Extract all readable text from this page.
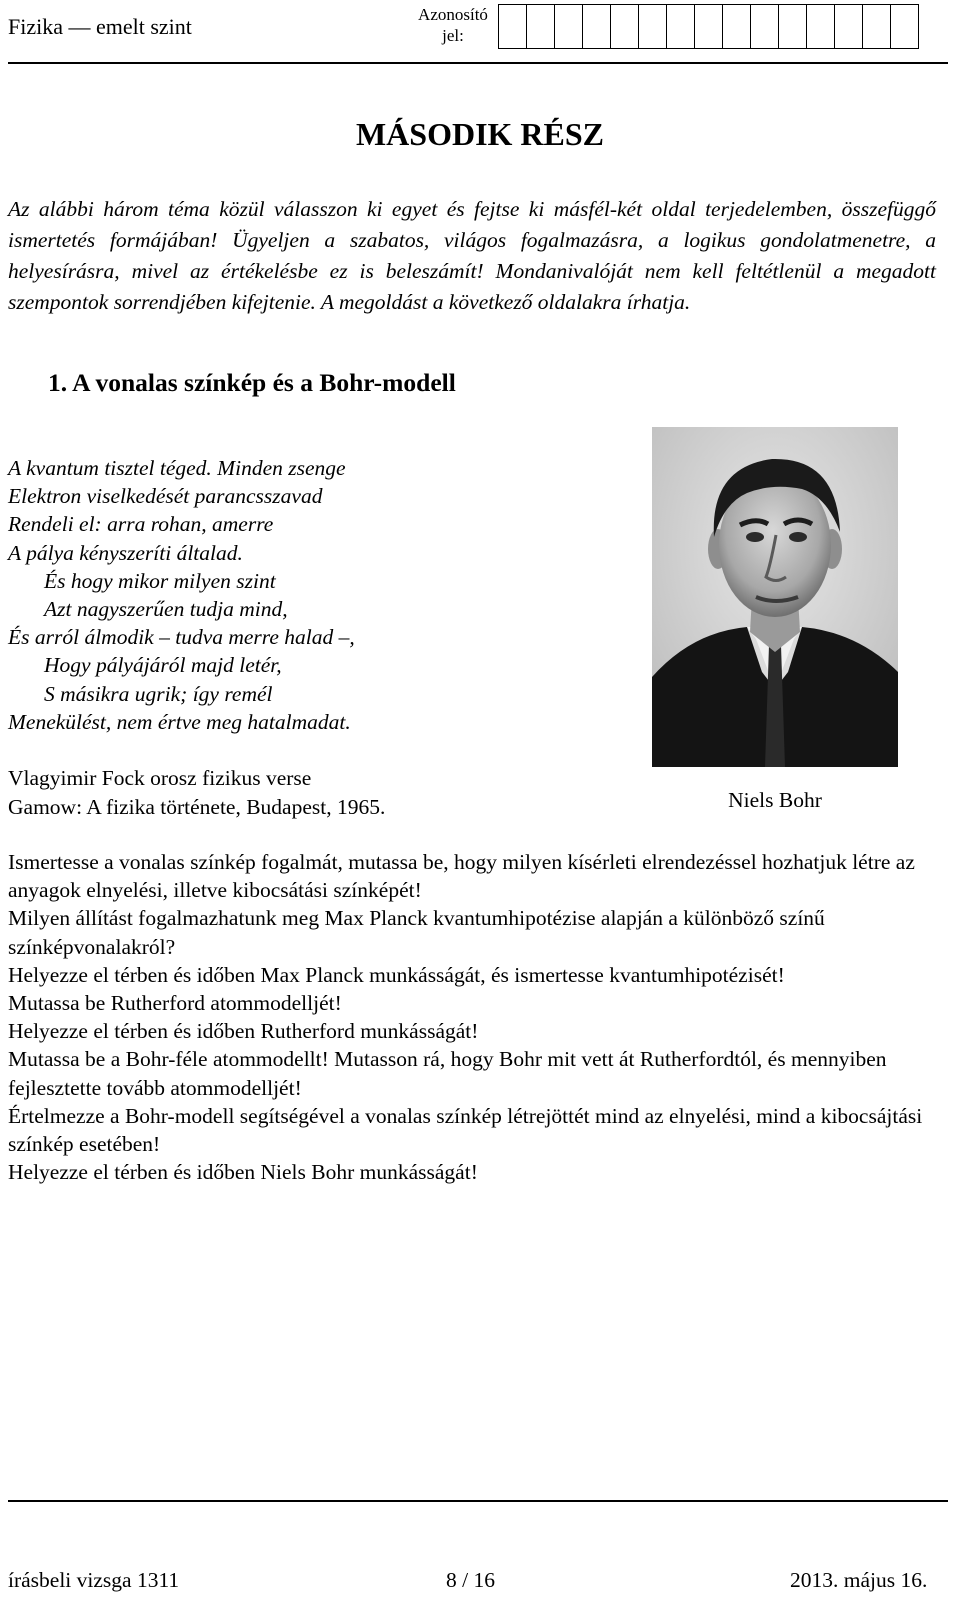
Fizika — emelt szint	Azonosító
jel:
MÁSODIK RÉSZ
Az alábbi három téma közül válasszon ki egyet és fejtse ki másfél-két oldal terjedelemben, összefüggő ismertetés formájában! Ügyeljen a szabatos, világos fogalmazásra, a logikus gondolatmenetre, a helyesírásra, mivel az értékelésbe ez is beleszámít! Mondanivalóját nem kell feltétlenül a megadott szempontok sorrendjében kifejtenie. A megoldást a következő oldalakra írhatja.
1. A vonalas színkép és a Bohr-modell
A kvantum tisztel téged. Minden zsenge
Elektron viselkedését parancsszavad
Rendeli el: arra rohan, amerre
A pálya kényszeríti általad.
És hogy mikor milyen szint
Azt nagyszerűen tudja mind,
És arról álmodik – tudva merre halad –,
Hogy pályájáról majd letér,
S másikra ugrik; így remél
Menekülést, nem értve meg hatalmadat.
Vlagyimir Fock orosz fizikus verse
Gamow: A fizika története, Budapest, 1965.	Niels Bohr
Ismertesse a vonalas színkép fogalmát, mutassa be, hogy milyen kísérleti elrendezéssel hozhatjuk létre az anyagok elnyelési, illetve kibocsátási színképét!
Milyen állítást fogalmazhatunk meg Max Planck kvantumhipotézise alapján a különböző színű színképvonalakról?
Helyezze el térben és időben Max Planck munkásságát, és ismertesse kvantumhipotézisét!
Mutassa be Rutherford atommodelljét!
Helyezze el térben és időben Rutherford munkásságát!
Mutassa be a Bohr-féle atommodellt! Mutasson rá, hogy Bohr mit vett át Rutherfordtól, és mennyiben fejlesztette tovább atommodelljét!
Értelmezze a Bohr-modell segítségével a vonalas színkép létrejöttét mind az elnyelési, mind a kibocsájtási színkép esetében!
Helyezze el térben és időben Niels Bohr munkásságát!
írásbeli vizsga 1311	8 / 16	2013. május 16.
